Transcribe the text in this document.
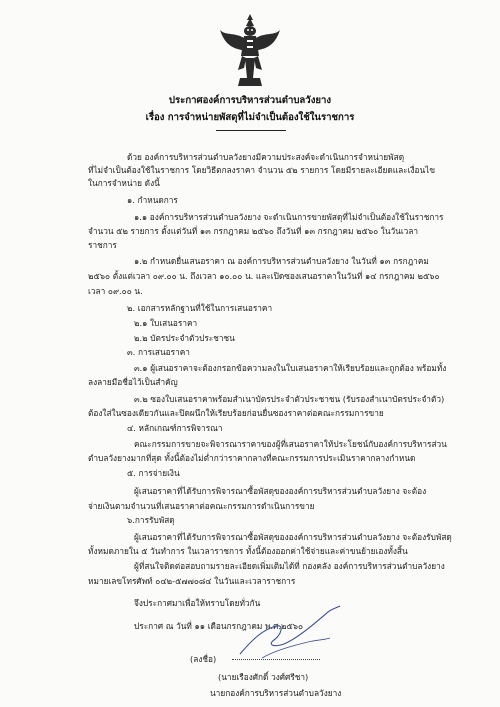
ประกาศองค์การบริหารส่วนตำบลวังยาง
เรื่อง การจำหน่ายพัสดุที่ไม่จำเป็นต้องใช้ในราชการ
ด้วย องค์การบริหารส่วนตำบลวังยางมีความประสงค์จะดำเนินการจำหน่ายพัสดุ
ที่ไม่จำเป็นต้องใช้ในราชการ โดยวิธีตกลงราคา จำนวน ๕๒ รายการ โดยมีรายละเอียดและเงื่อนไข
ในการจำหน่าย ดังนี้
๑. กำหนดการ
๑.๑ องค์การบริหารส่วนตำบลวังยาง จะดำเนินการขายพัสดุที่ไม่จำเป็นต้องใช้ในราชการ
จำนวน ๕๒ รายการ ตั้งแต่วันที่ ๑๓ กรกฎาคม ๒๕๖๐ ถึงวันที่ ๑๓ กรกฎาคม ๒๕๖๐ ในวันเวลา
ราชการ
๑.๒ กำหนดยื่นเสนอราคา ณ องค์การบริหารส่วนตำบลวังยาง ในวันที่ ๑๓ กรกฎาคม
๒๕๖๐ ตั้งแต่เวลา ๐๙.๐๐ น. ถึงเวลา ๑๐.๐๐ น. และเปิดซองเสนอราคาในวันที่ ๑๔ กรกฎาคม ๒๕๖๐
เวลา ๐๙.๐๐ น.
๒. เอกสารหลักฐานที่ใช้ในการเสนอราคา
๒.๑ ใบเสนอราคา
๒.๒ บัตรประจำตัวประชาชน
๓. การเสนอราคา
๓.๑ ผู้เสนอราคาจะต้องกรอกข้อความลงในใบเสนอราคาให้เรียบร้อยและถูกต้อง พร้อมทั้ง
ลงลายมือชื่อไว้เป็นสำคัญ
๓.๒ ซองใบเสนอราคาพร้อมสำเนาบัตรประจำตัวประชาชน (รับรองสำเนาบัตรประจำตัว)
ต้องใส่ในซองเดียวกันและปิดผนึกให้เรียบร้อยก่อนยื่นซองราคาต่อคณะกรรมการขาย
๔. หลักเกณฑ์การพิจารณา
คณะกรรมการขายจะพิจารณาราคาของผู้ที่เสนอราคาให้ประโยชน์กับองค์การบริหารส่วน
ตำบลวังยางมากที่สุด ทั้งนี้ต้องไม่ต่ำกว่าราคากลางที่คณะกรรมการประเมินราคากลางกำหนด
๕. การจ่ายเงิน
ผู้เสนอราคาที่ได้รับการพิจารณาซื้อพัสดุขององค์การบริหารส่วนตำบลวังยาง จะต้อง
จ่ายเงินตามจำนวนที่เสนอราคาต่อคณะกรรมการดำเนินการขาย
๖.การรับพัสดุ
ผู้เสนอราคาที่ได้รับการพิจารณาซื้อพัสดุขององค์การบริหารส่วนตำบลวังยาง จะต้องรับพัสดุ
ทั้งหมดภายใน ๕ วันทำการ ในเวลาราชการ ทั้งนี้ต้องออกค่าใช้จ่ายและค่าขนย้ายเองทั้งสิ้น
ผู้ที่สนใจติดต่อสอบถามรายละเอียดเพิ่มเติมได้ที่ กองคลัง องค์การบริหารส่วนตำบลวังยาง
หมายเลขโทรศัพท์ ๐๔๒-๕๗๗๐๘๔ ในวันและเวลาราชการ
จึงประกาศมาเพื่อให้ทราบโดยทั่วกัน
ประกาศ ณ วันที่ ๑๑ เดือนกรกฎาคม พ.ศ.๒๕๖๐
(ลงชื่อ)
(นายเรืองศักดิ์ วงศ์ศรีชา)
นายกองค์การบริหารส่วนตำบลวังยาง
